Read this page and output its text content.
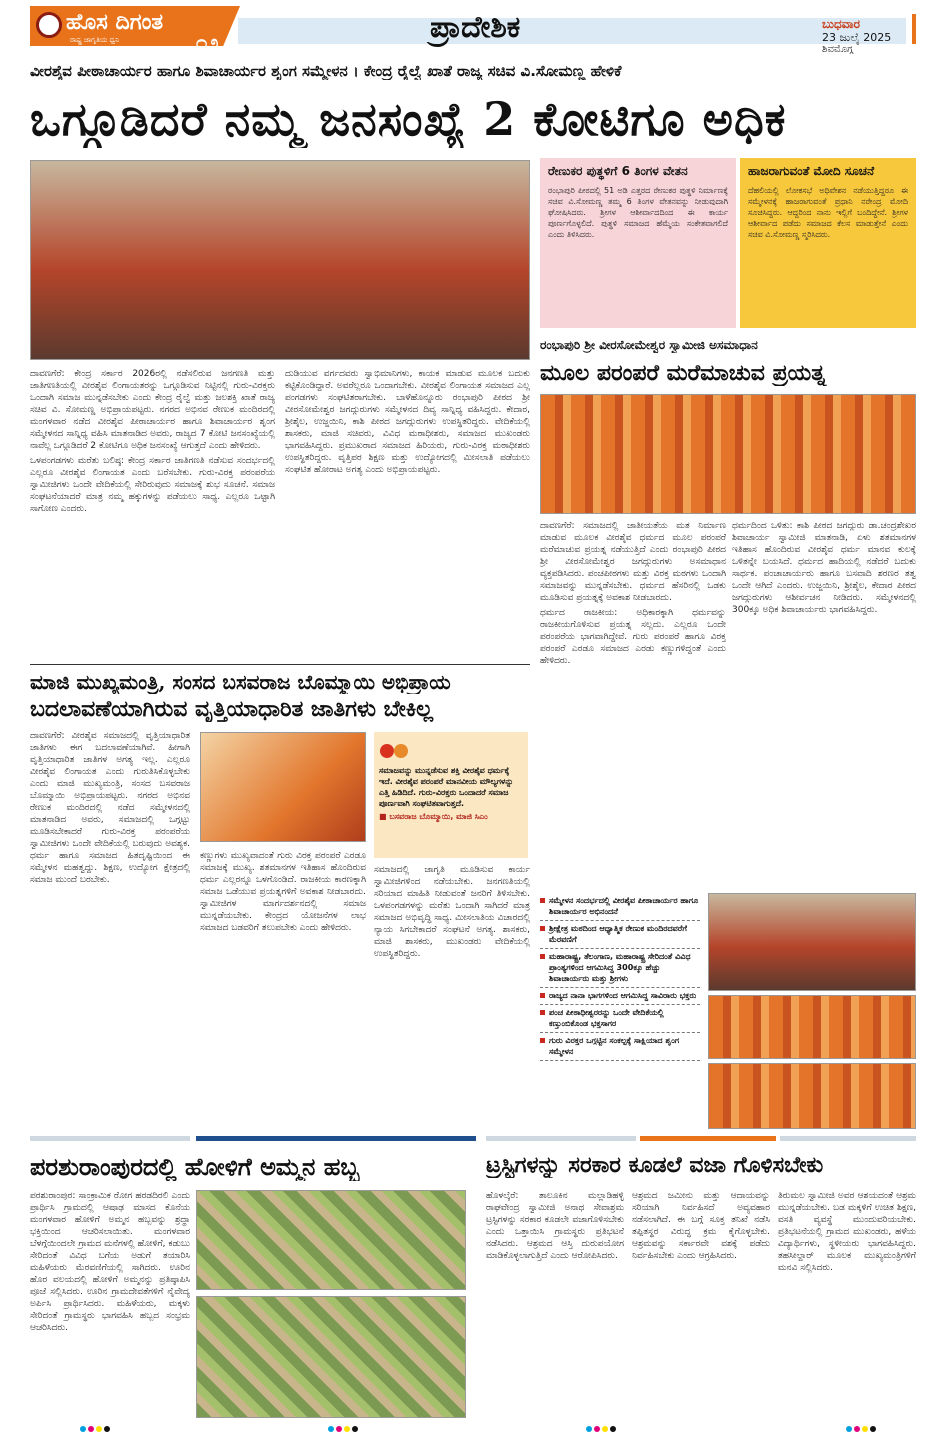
ಹೊಸ ದಿಗಂತ
ರಾಷ್ಟ್ರ ಜಾಗೃತಿಯ ಧ್ವನಿ	೧೨	ಪ್ರಾದೇಶಿಕ	ಬುಧವಾರ
23 ಜುಲೈ 2025
ಶಿವಮೊಗ್ಗ
ವೀರಶೈವ ಪೀಠಾಚಾರ್ಯರ ಹಾಗೂ ಶಿವಾಚಾರ್ಯರ ಶೃಂಗ ಸಮ್ಮೇಳನ । ಕೇಂದ್ರ ರೈಲ್ವೆ ಖಾತೆ ರಾಜ್ಯ ಸಚಿವ ವಿ.ಸೋಮಣ್ಣ ಹೇಳಿಕೆ
ಒಗ್ಗೂಡಿದರೆ ನಮ್ಮ ಜನಸಂಖ್ಯೆ 2 ಕೋಟಿಗೂ ಅಧಿಕ

ದಾವಣಗೆರೆ: ಕೇಂದ್ರ ಸರ್ಕಾರ 2026ರಲ್ಲಿ ನಡೆಸಲಿರುವ ಜನಗಣತಿ ಮತ್ತು ಜಾತಿಗಣತಿಯಲ್ಲಿ ವೀರಶೈವ ಲಿಂಗಾಯತರನ್ನು ಒಗ್ಗೂಡಿಸುವ ನಿಟ್ಟಿನಲ್ಲಿ ಗುರು-ವಿರಕ್ತರು ಒಂದಾಗಿ ಸಮಾಜ ಮುನ್ನಡೆಸಬೇಕು ಎಂದು ಕೇಂದ್ರ ರೈಲ್ವೆ ಮತ್ತು ಜಲಶಕ್ತಿ ಖಾತೆ ರಾಜ್ಯ ಸಚಿವ ವಿ. ಸೋಮಣ್ಣ ಅಭಿಪ್ರಾಯಪಟ್ಟರು. ನಗರದ ಅಭಿನವ ರೇಣುಕ ಮಂದಿರದಲ್ಲಿ ಮಂಗಳವಾರ ನಡೆದ ವೀರಶೈವ ಪೀಠಾಚಾರ್ಯರ ಹಾಗೂ ಶಿವಾಚಾರ್ಯರ ಶೃಂಗ ಸಮ್ಮೇಳನದ ಸಾನ್ನಿಧ್ಯ ವಹಿಸಿ ಮಾತನಾಡಿದ ಅವರು, ರಾಜ್ಯದ 7 ಕೋಟಿ ಜನಸಂಖ್ಯೆಯಲ್ಲಿ ನಾವೆಲ್ಲ ಒಗ್ಗೂಡಿದರೆ 2 ಕೋಟಿಗೂ ಅಧಿಕ ಜನಸಂಖ್ಯೆ ಆಗುತ್ತದೆ ಎಂದು ಹೇಳಿದರು.

ಒಳಪಂಗಡಗಳು ಮರೆತು ಬಲಿಷ್ಠ: ಕೇಂದ್ರ ಸರ್ಕಾರ ಜಾತಿಗಣತಿ ನಡೆಸುವ ಸಂದರ್ಭದಲ್ಲಿ ಎಲ್ಲರೂ ವೀರಶೈವ ಲಿಂಗಾಯತ ಎಂದು ಬರೆಸಬೇಕು. ಗುರು-ವಿರಕ್ತ ಪರಂಪರೆಯ ಸ್ವಾಮೀಜಿಗಳು ಒಂದೇ ವೇದಿಕೆಯಲ್ಲಿ ಸೇರಿರುವುದು ಸಮಾಜಕ್ಕೆ ಶುಭ ಸೂಚನೆ. ಸಮಾಜ ಸಂಘಟನೆಯಾದರೆ ಮಾತ್ರ ನಮ್ಮ ಹಕ್ಕುಗಳನ್ನು ಪಡೆಯಲು ಸಾಧ್ಯ. ಎಲ್ಲರೂ ಒಟ್ಟಾಗಿ ಸಾಗೋಣ ಎಂದರು.

ದುಡಿಯುವ ವರ್ಗದವರು ಸ್ವಾಭಿಮಾನಿಗಳು, ಕಾಯಕ ಮಾಡುವ ಮೂಲಕ ಬದುಕು ಕಟ್ಟಿಕೊಂಡಿದ್ದಾರೆ. ಅವರೆಲ್ಲರೂ ಒಂದಾಗಬೇಕು. ವೀರಶೈವ ಲಿಂಗಾಯತ ಸಮಾಜದ ಎಲ್ಲ ಪಂಗಡಗಳು ಸಂಘಟಿತರಾಗಬೇಕು. ಬಾಳೆಹೊನ್ನೂರು ರಂಭಾಪುರಿ ಪೀಠದ ಶ್ರೀ ವೀರಸೋಮೇಶ್ವರ ಜಗದ್ಗುರುಗಳು ಸಮ್ಮೇಳನದ ದಿವ್ಯ ಸಾನ್ನಿಧ್ಯ ವಹಿಸಿದ್ದರು. ಕೇದಾರ, ಶ್ರೀಶೈಲ, ಉಜ್ಜಯಿನಿ, ಕಾಶಿ ಪೀಠದ ಜಗದ್ಗುರುಗಳು ಉಪಸ್ಥಿತರಿದ್ದರು. ವೇದಿಕೆಯಲ್ಲಿ ಶಾಸಕರು, ಮಾಜಿ ಸಚಿವರು, ವಿವಿಧ ಮಠಾಧೀಶರು, ಸಮಾಜದ ಮುಖಂಡರು ಭಾಗವಹಿಸಿದ್ದರು. ಪ್ರಮುಖರಾದ ಸಮಾಜದ ಹಿರಿಯರು, ಗುರು-ವಿರಕ್ತ ಮಠಾಧೀಶರು ಉಪಸ್ಥಿತರಿದ್ದರು. ವೃತ್ತಿಪರ ಶಿಕ್ಷಣ ಮತ್ತು ಉದ್ಯೋಗದಲ್ಲಿ ಮೀಸಲಾತಿ ಪಡೆಯಲು ಸಂಘಟಿತ ಹೋರಾಟ ಅಗತ್ಯ ಎಂದು ಅಭಿಪ್ರಾಯಪಟ್ಟರು.

ರೇಣುಕರ ಪುತ್ಥಳಿಗೆ 6 ತಿಂಗಳ ವೇತನ
ರಂಭಾಪುರಿ ಪೀಠದಲ್ಲಿ 51 ಅಡಿ ಎತ್ತರದ ರೇಣುಕರ ಪುತ್ಥಳಿ ನಿರ್ಮಾಣಕ್ಕೆ ಸಚಿವ ವಿ.ಸೋಮಣ್ಣ ತಮ್ಮ 6 ತಿಂಗಳ ವೇತನವನ್ನು ನೀಡುವುದಾಗಿ ಘೋಷಿಸಿದರು. ಶ್ರೀಗಳ ಆಶೀರ್ವಾದದಿಂದ ಈ ಕಾರ್ಯ ಪೂರ್ಣಗೊಳ್ಳಲಿದೆ. ಪುತ್ಥಳಿ ಸಮಾಜದ ಹೆಮ್ಮೆಯ ಸಂಕೇತವಾಗಲಿದೆ ಎಂದು ತಿಳಿಸಿದರು.
ಹಾಜರಾಗುವಂತೆ ಮೋದಿ ಸೂಚನೆ
ದೆಹಲಿಯಲ್ಲಿ ಲೋಕಸಭೆ ಅಧಿವೇಶನ ನಡೆಯುತ್ತಿದ್ದರೂ ಈ ಸಮ್ಮೇಳನಕ್ಕೆ ಹಾಜರಾಗುವಂತೆ ಪ್ರಧಾನಿ ನರೇಂದ್ರ ಮೋದಿ ಸೂಚಿಸಿದ್ದರು. ಆದ್ದರಿಂದ ನಾನು ಇಲ್ಲಿಗೆ ಬಂದಿದ್ದೇನೆ. ಶ್ರೀಗಳ ಆಶೀರ್ವಾದ ಪಡೆದು ಸಮಾಜದ ಕೆಲಸ ಮಾಡುತ್ತೇನೆ ಎಂದು ಸಚಿವ ವಿ.ಸೋಮಣ್ಣ ಸ್ಮರಿಸಿದರು.
ರಂಭಾಪುರಿ ಶ್ರೀ ವೀರಸೋಮೇಶ್ವರ ಸ್ವಾಮೀಜಿ ಅಸಮಾಧಾನ
ಮೂಲ ಪರಂಪರೆ ಮರೆಮಾಚುವ ಪ್ರಯತ್ನ

ದಾವಣಗೆರೆ: ಸಮಾಜದಲ್ಲಿ ಜಾತೀಯತೆಯ ಮತ ನಿರ್ಮಾಣ ಮಾಡುವ ಮೂಲಕ ವೀರಶೈವ ಧರ್ಮದ ಮೂಲ ಪರಂಪರೆ ಮರೆಮಾಚುವ ಪ್ರಯತ್ನ ನಡೆಯುತ್ತಿದೆ ಎಂದು ರಂಭಾಪುರಿ ಪೀಠದ ಶ್ರೀ ವೀರಸೋಮೇಶ್ವರ ಜಗದ್ಗುರುಗಳು ಅಸಮಾಧಾನ ವ್ಯಕ್ತಪಡಿಸಿದರು. ಪಂಚಪೀಠಗಳು ಮತ್ತು ವಿರಕ್ತ ಮಠಗಳು ಒಂದಾಗಿ ಸಮಾಜವನ್ನು ಮುನ್ನಡೆಸಬೇಕು. ಧರ್ಮದ ಹೆಸರಿನಲ್ಲಿ ಒಡಕು ಮೂಡಿಸುವ ಪ್ರಯತ್ನಕ್ಕೆ ಅವಕಾಶ ನೀಡಬಾರದು.

ಧರ್ಮದ ರಾಜಕೀಯ: ಅಧಿಕಾರಕ್ಕಾಗಿ ಧರ್ಮವನ್ನು ರಾಜಕೀಯಗೊಳಿಸುವ ಪ್ರಯತ್ನ ಸಲ್ಲದು. ಎಲ್ಲರೂ ಒಂದೇ ಪರಂಪರೆಯ ಭಾಗವಾಗಿದ್ದೇವೆ. ಗುರು ಪರಂಪರೆ ಹಾಗೂ ವಿರಕ್ತ ಪರಂಪರೆ ಎರಡೂ ಸಮಾಜದ ಎರಡು ಕಣ್ಣುಗಳಿದ್ದಂತೆ ಎಂದು ಹೇಳಿದರು.

ಧರ್ಮದಿಂದ ಒಳಿತು: ಕಾಶಿ ಪೀಠದ ಜಗದ್ಗುರು ಡಾ.ಚಂದ್ರಶೇಖರ ಶಿವಾಚಾರ್ಯ ಸ್ವಾಮೀಜಿ ಮಾತನಾಡಿ, ಏಳು ಶತಮಾನಗಳ ಇತಿಹಾಸ ಹೊಂದಿರುವ ವೀರಶೈವ ಧರ್ಮ ಮಾನವ ಕುಲಕ್ಕೆ ಒಳಿತನ್ನೇ ಬಯಸಿದೆ. ಧರ್ಮದ ಹಾದಿಯಲ್ಲಿ ನಡೆದರೆ ಬದುಕು ಸಾರ್ಥಕ. ಪಂಚಾಚಾರ್ಯರು ಹಾಗೂ ಬಸವಾದಿ ಶರಣರ ತತ್ವ ಒಂದೇ ಆಗಿದೆ ಎಂದರು. ಉಜ್ಜಯಿನಿ, ಶ್ರೀಶೈಲ, ಕೇದಾರ ಪೀಠದ ಜಗದ್ಗುರುಗಳು ಆಶೀರ್ವಚನ ನೀಡಿದರು. ಸಮ್ಮೇಳನದಲ್ಲಿ 300ಕ್ಕೂ ಅಧಿಕ ಶಿವಾಚಾರ್ಯರು ಭಾಗವಹಿಸಿದ್ದರು.

ಮಾಜಿ ಮುಖ್ಯಮಂತ್ರಿ, ಸಂಸದ ಬಸವರಾಜ ಬೊಮ್ಮಾಯಿ ಅಭಿಪ್ರಾಯ
ಬದಲಾವಣೆಯಾಗಿರುವ ವೃತ್ತಿಯಾಧಾರಿತ ಜಾತಿಗಳು ಬೇಕಿಲ್ಲ

ದಾವಣಗೆರೆ: ವೀರಶೈವ ಸಮಾಜದಲ್ಲಿ ವೃತ್ತಿಯಾಧಾರಿತ ಜಾತಿಗಳು ಈಗ ಬದಲಾವಣೆಯಾಗಿವೆ. ಹೀಗಾಗಿ ವೃತ್ತಿಯಾಧಾರಿತ ಜಾತಿಗಳ ಅಗತ್ಯ ಇಲ್ಲ. ಎಲ್ಲರೂ ವೀರಶೈವ ಲಿಂಗಾಯತ ಎಂದು ಗುರುತಿಸಿಕೊಳ್ಳಬೇಕು ಎಂದು ಮಾಜಿ ಮುಖ್ಯಮಂತ್ರಿ, ಸಂಸದ ಬಸವರಾಜ ಬೊಮ್ಮಾಯಿ ಅಭಿಪ್ರಾಯಪಟ್ಟರು. ನಗರದ ಅಭಿನವ ರೇಣುಕ ಮಂದಿರದಲ್ಲಿ ನಡೆದ ಸಮ್ಮೇಳನದಲ್ಲಿ ಮಾತನಾಡಿದ ಅವರು, ಸಮಾಜದಲ್ಲಿ ಒಗ್ಗಟ್ಟು ಮೂಡಿಸಬೇಕಾದರೆ ಗುರು-ವಿರಕ್ತ ಪರಂಪರೆಯ ಸ್ವಾಮೀಜಿಗಳು ಒಂದೇ ವೇದಿಕೆಯಲ್ಲಿ ಬರುವುದು ಅವಶ್ಯಕ. ಧರ್ಮ ಹಾಗೂ ಸಮಾಜದ ಹಿತದೃಷ್ಟಿಯಿಂದ ಈ ಸಮ್ಮೇಳನ ಮಹತ್ವದ್ದು. ಶಿಕ್ಷಣ, ಉದ್ಯೋಗ ಕ್ಷೇತ್ರದಲ್ಲಿ ಸಮಾಜ ಮುಂದೆ ಬರಬೇಕು.

ಕಣ್ಣುಗಳು ಮುಖ್ಯವಾದಂತೆ ಗುರು ವಿರಕ್ತ ಪರಂಪರೆ ಎರಡೂ ಸಮಾಜಕ್ಕೆ ಮುಖ್ಯ. ಶತಮಾನಗಳ ಇತಿಹಾಸ ಹೊಂದಿರುವ ಧರ್ಮ ಎಲ್ಲರನ್ನೂ ಒಳಗೊಂಡಿದೆ. ರಾಜಕೀಯ ಕಾರಣಕ್ಕಾಗಿ ಸಮಾಜ ಒಡೆಯುವ ಪ್ರಯತ್ನಗಳಿಗೆ ಅವಕಾಶ ನೀಡಬಾರದು. ಸ್ವಾಮೀಜಿಗಳ ಮಾರ್ಗದರ್ಶನದಲ್ಲಿ ಸಮಾಜ ಮುನ್ನಡೆಯಬೇಕು. ಕೇಂದ್ರದ ಯೋಜನೆಗಳ ಲಾಭ ಸಮಾಜದ ಬಡವರಿಗೆ ತಲುಪಬೇಕು ಎಂದು ಹೇಳಿದರು.

ಸಮಾಜವನ್ನು ಮುನ್ನಡೆಸುವ ಶಕ್ತಿ ವೀರಶೈವ ಧರ್ಮಕ್ಕೆ ಇದೆ. ವೀರಶೈವ ಪರಂಪರೆ ಮಾನವೀಯ ಮೌಲ್ಯಗಳನ್ನು ಎತ್ತಿ ಹಿಡಿದಿದೆ. ಗುರು-ವಿರಕ್ತರು ಒಂದಾದರೆ ಸಮಾಜ ಪೂರ್ಣವಾಗಿ ಸಂಘಟಿತವಾಗುತ್ತದೆ.
■ ಬಸವರಾಜ ಬೊಮ್ಮಾಯಿ, ಮಾಜಿ ಸಿಎಂ

ಸಮಾಜದಲ್ಲಿ ಜಾಗೃತಿ ಮೂಡಿಸುವ ಕಾರ್ಯ ಸ್ವಾಮೀಜಿಗಳಿಂದ ನಡೆಯಬೇಕು. ಜನಗಣತಿಯಲ್ಲಿ ಸರಿಯಾದ ಮಾಹಿತಿ ನೀಡುವಂತೆ ಜನರಿಗೆ ತಿಳಿಸಬೇಕು. ಒಳಪಂಗಡಗಳನ್ನು ಮರೆತು ಒಂದಾಗಿ ಸಾಗಿದರೆ ಮಾತ್ರ ಸಮಾಜದ ಅಭಿವೃದ್ಧಿ ಸಾಧ್ಯ. ಮೀಸಲಾತಿಯ ವಿಚಾರದಲ್ಲಿ ನ್ಯಾಯ ಸಿಗಬೇಕಾದರೆ ಸಂಘಟನೆ ಅಗತ್ಯ. ಶಾಸಕರು, ಮಾಜಿ ಶಾಸಕರು, ಮುಖಂಡರು ವೇದಿಕೆಯಲ್ಲಿ ಉಪಸ್ಥಿತರಿದ್ದರು.

ಸಮ್ಮೇಳನ ಸಂದರ್ಭದಲ್ಲಿ ವೀರಶೈವ ಪೀಠಾಚಾರ್ಯರ ಹಾಗೂ ಶಿವಾಚಾರ್ಯರ ಅಭಿನಂದನೆ
ಶ್ರೀಕ್ಷೇತ್ರ ಮಠದಿಂದ ಆಧ್ಯಾತ್ಮಿಕ ರೇಣುಕ ಮಂದಿರದವರೆಗೆ ಮೆರವಣಿಗೆ
ಮಹಾರಾಷ್ಟ್ರ, ತೆಲಂಗಾಣ, ಮಹಾರಾಷ್ಟ್ರ ಸೇರಿದಂತೆ ವಿವಿಧ ಪ್ರಾಂತ್ಯಗಳಿಂದ ಆಗಮಿಸಿದ್ದ 300ಕ್ಕೂ ಹೆಚ್ಚು ಶಿವಾಚಾರ್ಯರು ಮತ್ತು ಶ್ರೀಗಳು
ರಾಜ್ಯದ ನಾನಾ ಭಾಗಗಳಿಂದ ಆಗಮಿಸಿದ್ದ ಸಾವಿರಾರು ಭಕ್ತರು
ಪಂಚ ಪೀಠಾಧೀಶ್ವರರನ್ನು ಒಂದೇ ವೇದಿಕೆಯಲ್ಲಿ ಕಣ್ತುಂಬಿಕೊಂಡ ಭಕ್ತಸಾಗರ
ಗುರು ವಿರಕ್ತರ ಒಗ್ಗಟ್ಟಿನ ಸಂಕಲ್ಪಕ್ಕೆ ಸಾಕ್ಷಿಯಾದ ಶೃಂಗ ಸಮ್ಮೇಳನ
ಪರಶುರಾಂಪುರದಲ್ಲಿ ಹೋಳಿಗೆ ಅಮ್ಮನ ಹಬ್ಬ

ಪರಶುರಾಂಪುರ: ಸಾಂಕ್ರಾಮಿಕ ರೋಗ ಹರಡದಿರಲಿ ಎಂದು ಪ್ರಾರ್ಥಿಸಿ ಗ್ರಾಮದಲ್ಲಿ ಆಷಾಢ ಮಾಸದ ಕೊನೆಯ ಮಂಗಳವಾರ ಹೋಳಿಗೆ ಅಮ್ಮನ ಹಬ್ಬವನ್ನು ಶ್ರದ್ಧಾ ಭಕ್ತಿಯಿಂದ ಆಚರಿಸಲಾಯಿತು. ಮಂಗಳವಾರ ಬೆಳಗ್ಗೆಯಿಂದಲೇ ಗ್ರಾಮದ ಮನೆಗಳಲ್ಲಿ ಹೋಳಿಗೆ, ಕಡುಬು ಸೇರಿದಂತೆ ವಿವಿಧ ಬಗೆಯ ಅಡುಗೆ ತಯಾರಿಸಿ ಮಹಿಳೆಯರು ಮೆರವಣಿಗೆಯಲ್ಲಿ ಸಾಗಿದರು. ಊರಿನ ಹೊರ ವಲಯದಲ್ಲಿ ಹೋಳಿಗೆ ಅಮ್ಮನನ್ನು ಪ್ರತಿಷ್ಠಾಪಿಸಿ ಪೂಜೆ ಸಲ್ಲಿಸಿದರು. ಊರಿನ ಗ್ರಾಮದೇವತೆಗಳಿಗೆ ನೈವೇದ್ಯ ಅರ್ಪಿಸಿ ಪ್ರಾರ್ಥಿಸಿದರು. ಮಹಿಳೆಯರು, ಮಕ್ಕಳು ಸೇರಿದಂತೆ ಗ್ರಾಮಸ್ಥರು ಭಾಗವಹಿಸಿ ಹಬ್ಬದ ಸಂಭ್ರಮ ಆಚರಿಸಿದರು.

ಟ್ರಸ್ಟಿಗಳನ್ನು ಸರಕಾರ ಕೂಡಲೆ ವಜಾ ಗೊಳಿಸಬೇಕು

ಹೊಳಲ್ಕೆರೆ: ತಾಲೂಕಿನ ಮಲ್ಲಾಡಿಹಳ್ಳಿ ರಾಘವೇಂದ್ರ ಸ್ವಾಮೀಜಿ ಅನಾಥ ಸೇವಾಶ್ರಮ ಟ್ರಸ್ಟಿಗಳನ್ನು ಸರಕಾರ ಕೂಡಲೇ ವಜಾಗೊಳಿಸಬೇಕು ಎಂದು ಒತ್ತಾಯಿಸಿ ಗ್ರಾಮಸ್ಥರು ಪ್ರತಿಭಟನೆ ನಡೆಸಿದರು. ಆಶ್ರಮದ ಆಸ್ತಿ ದುರುಪಯೋಗ ಮಾಡಿಕೊಳ್ಳಲಾಗುತ್ತಿದೆ ಎಂದು ಆರೋಪಿಸಿದರು.

ಆಶ್ರಮದ ಜಮೀನು ಮತ್ತು ಆದಾಯವನ್ನು ಸರಿಯಾಗಿ ನಿರ್ವಹಿಸದೆ ಅವ್ಯವಹಾರ ನಡೆಸಲಾಗಿದೆ. ಈ ಬಗ್ಗೆ ಸೂಕ್ತ ತನಿಖೆ ನಡೆಸಿ ತಪ್ಪಿತಸ್ಥರ ವಿರುದ್ಧ ಕ್ರಮ ಕೈಗೊಳ್ಳಬೇಕು. ಆಶ್ರಮವನ್ನು ಸರ್ಕಾರವೇ ವಶಕ್ಕೆ ಪಡೆದು ನಿರ್ವಹಿಸಬೇಕು ಎಂದು ಆಗ್ರಹಿಸಿದರು.

ತಿರುಮಲ ಸ್ವಾಮೀಜಿ ಅವರ ಆಶಯದಂತೆ ಆಶ್ರಮ ಮುನ್ನಡೆಯಬೇಕು. ಬಡ ಮಕ್ಕಳಿಗೆ ಉಚಿತ ಶಿಕ್ಷಣ, ವಸತಿ ವ್ಯವಸ್ಥೆ ಮುಂದುವರಿಯಬೇಕು. ಪ್ರತಿಭಟನೆಯಲ್ಲಿ ಗ್ರಾಮದ ಮುಖಂಡರು, ಹಳೆಯ ವಿದ್ಯಾರ್ಥಿಗಳು, ಸ್ಥಳೀಯರು ಭಾಗವಹಿಸಿದ್ದರು. ತಹಸೀಲ್ದಾರ್ ಮೂಲಕ ಮುಖ್ಯಮಂತ್ರಿಗಳಿಗೆ ಮನವಿ ಸಲ್ಲಿಸಿದರು.
